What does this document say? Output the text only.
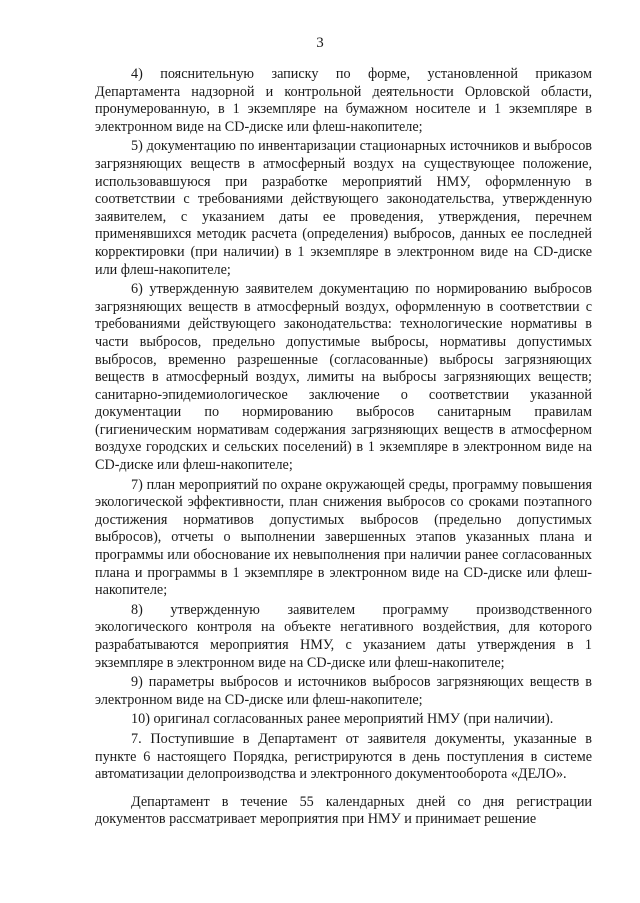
3

4) пояснительную записку по форме, установленной приказом Департамента надзорной и контрольной деятельности Орловской области, пронумерованную, в 1 экземпляре на бумажном носителе и 1 экземпляре в электронном виде на CD-диске или флеш-накопителе;

5) документацию по инвентаризации стационарных источников и выбросов загрязняющих веществ в атмосферный воздух на существующее положение, использовавшуюся при разработке мероприятий НМУ, оформленную в соответствии с требованиями действующего законодательства, утвержденную заявителем, с указанием даты ее проведения, утверждения, перечнем применявшихся методик расчета (определения) выбросов, данных ее последней корректировки (при наличии) в 1 экземпляре в электронном виде на CD-диске или флеш-накопителе;

6) утвержденную заявителем документацию по нормированию выбросов загрязняющих веществ в атмосферный воздух, оформленную в соответствии с требованиями действующего законодательства: технологические нормативы в части выбросов, предельно допустимые выбросы, нормативы допустимых выбросов, временно разрешенные (согласованные) выбросы загрязняющих веществ в атмосферный воздух, лимиты на выбросы загрязняющих веществ; санитарно-эпидемиологическое заключение о соответствии указанной документации по нормированию выбросов санитарным правилам (гигиеническим нормативам содержания загрязняющих веществ в атмосферном воздухе городских и сельских поселений) в 1 экземпляре в электронном виде на CD-диске или флеш-накопителе;

7) план мероприятий по охране окружающей среды, программу повышения экологической эффективности, план снижения выбросов со сроками поэтапного достижения нормативов допустимых выбросов (предельно допустимых выбросов), отчеты о выполнении завершенных этапов указанных плана и программы или обоснование их невыполнения при наличии ранее согласованных плана и программы в 1 экземпляре в электронном виде на CD-диске или флеш-накопителе;

8) утвержденную заявителем программу производственного экологического контроля на объекте негативного воздействия, для которого разрабатываются мероприятия НМУ, с указанием даты утверждения в 1 экземпляре в электронном виде на CD-диске или флеш-накопителе;

9) параметры выбросов и источников выбросов загрязняющих веществ в электронном виде на CD-диске или флеш-накопителе;

10) оригинал согласованных ранее мероприятий НМУ (при наличии).

7. Поступившие в Департамент от заявителя документы, указанные в пункте 6 настоящего Порядка, регистрируются в день поступления в системе автоматизации делопроизводства и электронного документооборота «ДЕЛО».

Департамент в течение 55 календарных дней со дня регистрации документов рассматривает мероприятия при НМУ и принимает решение
